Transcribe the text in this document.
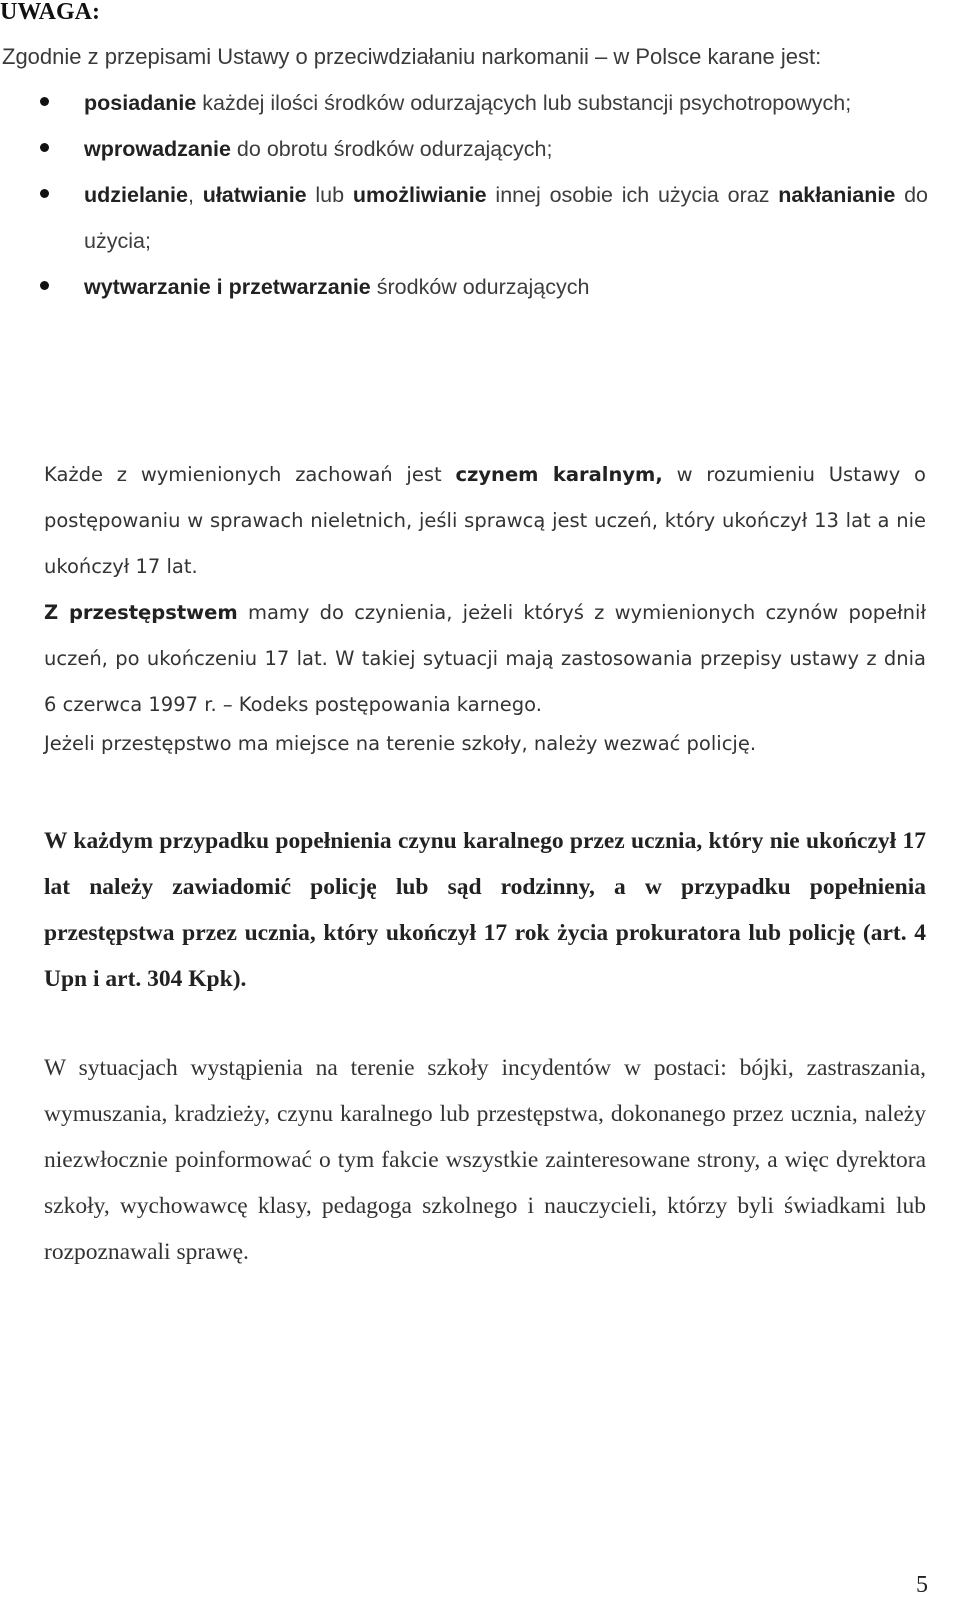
UWAGA:
Zgodnie z przepisami Ustawy o przeciwdziałaniu narkomanii – w Polsce karane jest:
posiadanie każdej ilości środków odurzających lub substancji psychotropowych;
wprowadzanie do obrotu środków odurzających;
udzielanie, ułatwianie lub umożliwianie innej osobie ich użycia oraz nakłanianie do użycia;
wytwarzanie i przetwarzanie środków odurzających
Każde z wymienionych zachowań jest czynem karalnym, w rozumieniu Ustawy o postępowaniu w sprawach nieletnich, jeśli sprawcą jest uczeń, który ukończył 13 lat a nie ukończył 17 lat.
Z przestępstwem mamy do czynienia, jeżeli któryś z wymienionych czynów popełnił uczeń, po ukończeniu 17 lat. W takiej sytuacji mają zastosowania przepisy ustawy z dnia 6 czerwca 1997 r. – Kodeks postępowania karnego.
Jeżeli przestępstwo ma miejsce na terenie szkoły, należy wezwać policję.
W każdym przypadku popełnienia czynu karalnego przez ucznia, który nie ukończył 17 lat należy zawiadomić policję lub sąd rodzinny, a w przypadku popełnienia przestępstwa przez ucznia, który ukończył 17 rok życia prokuratora lub policję (art. 4 Upn i art. 304 Kpk).
W sytuacjach wystąpienia na terenie szkoły incydentów w postaci: bójki, zastraszania, wymuszania, kradzieży, czynu karalnego lub przestępstwa, dokonanego przez ucznia, należy niezwłocznie poinformować o tym fakcie wszystkie zainteresowane strony, a więc dyrektora szkoły, wychowawcę klasy, pedagoga szkolnego i nauczycieli, którzy byli świadkami lub rozpoznawali sprawę.
5
